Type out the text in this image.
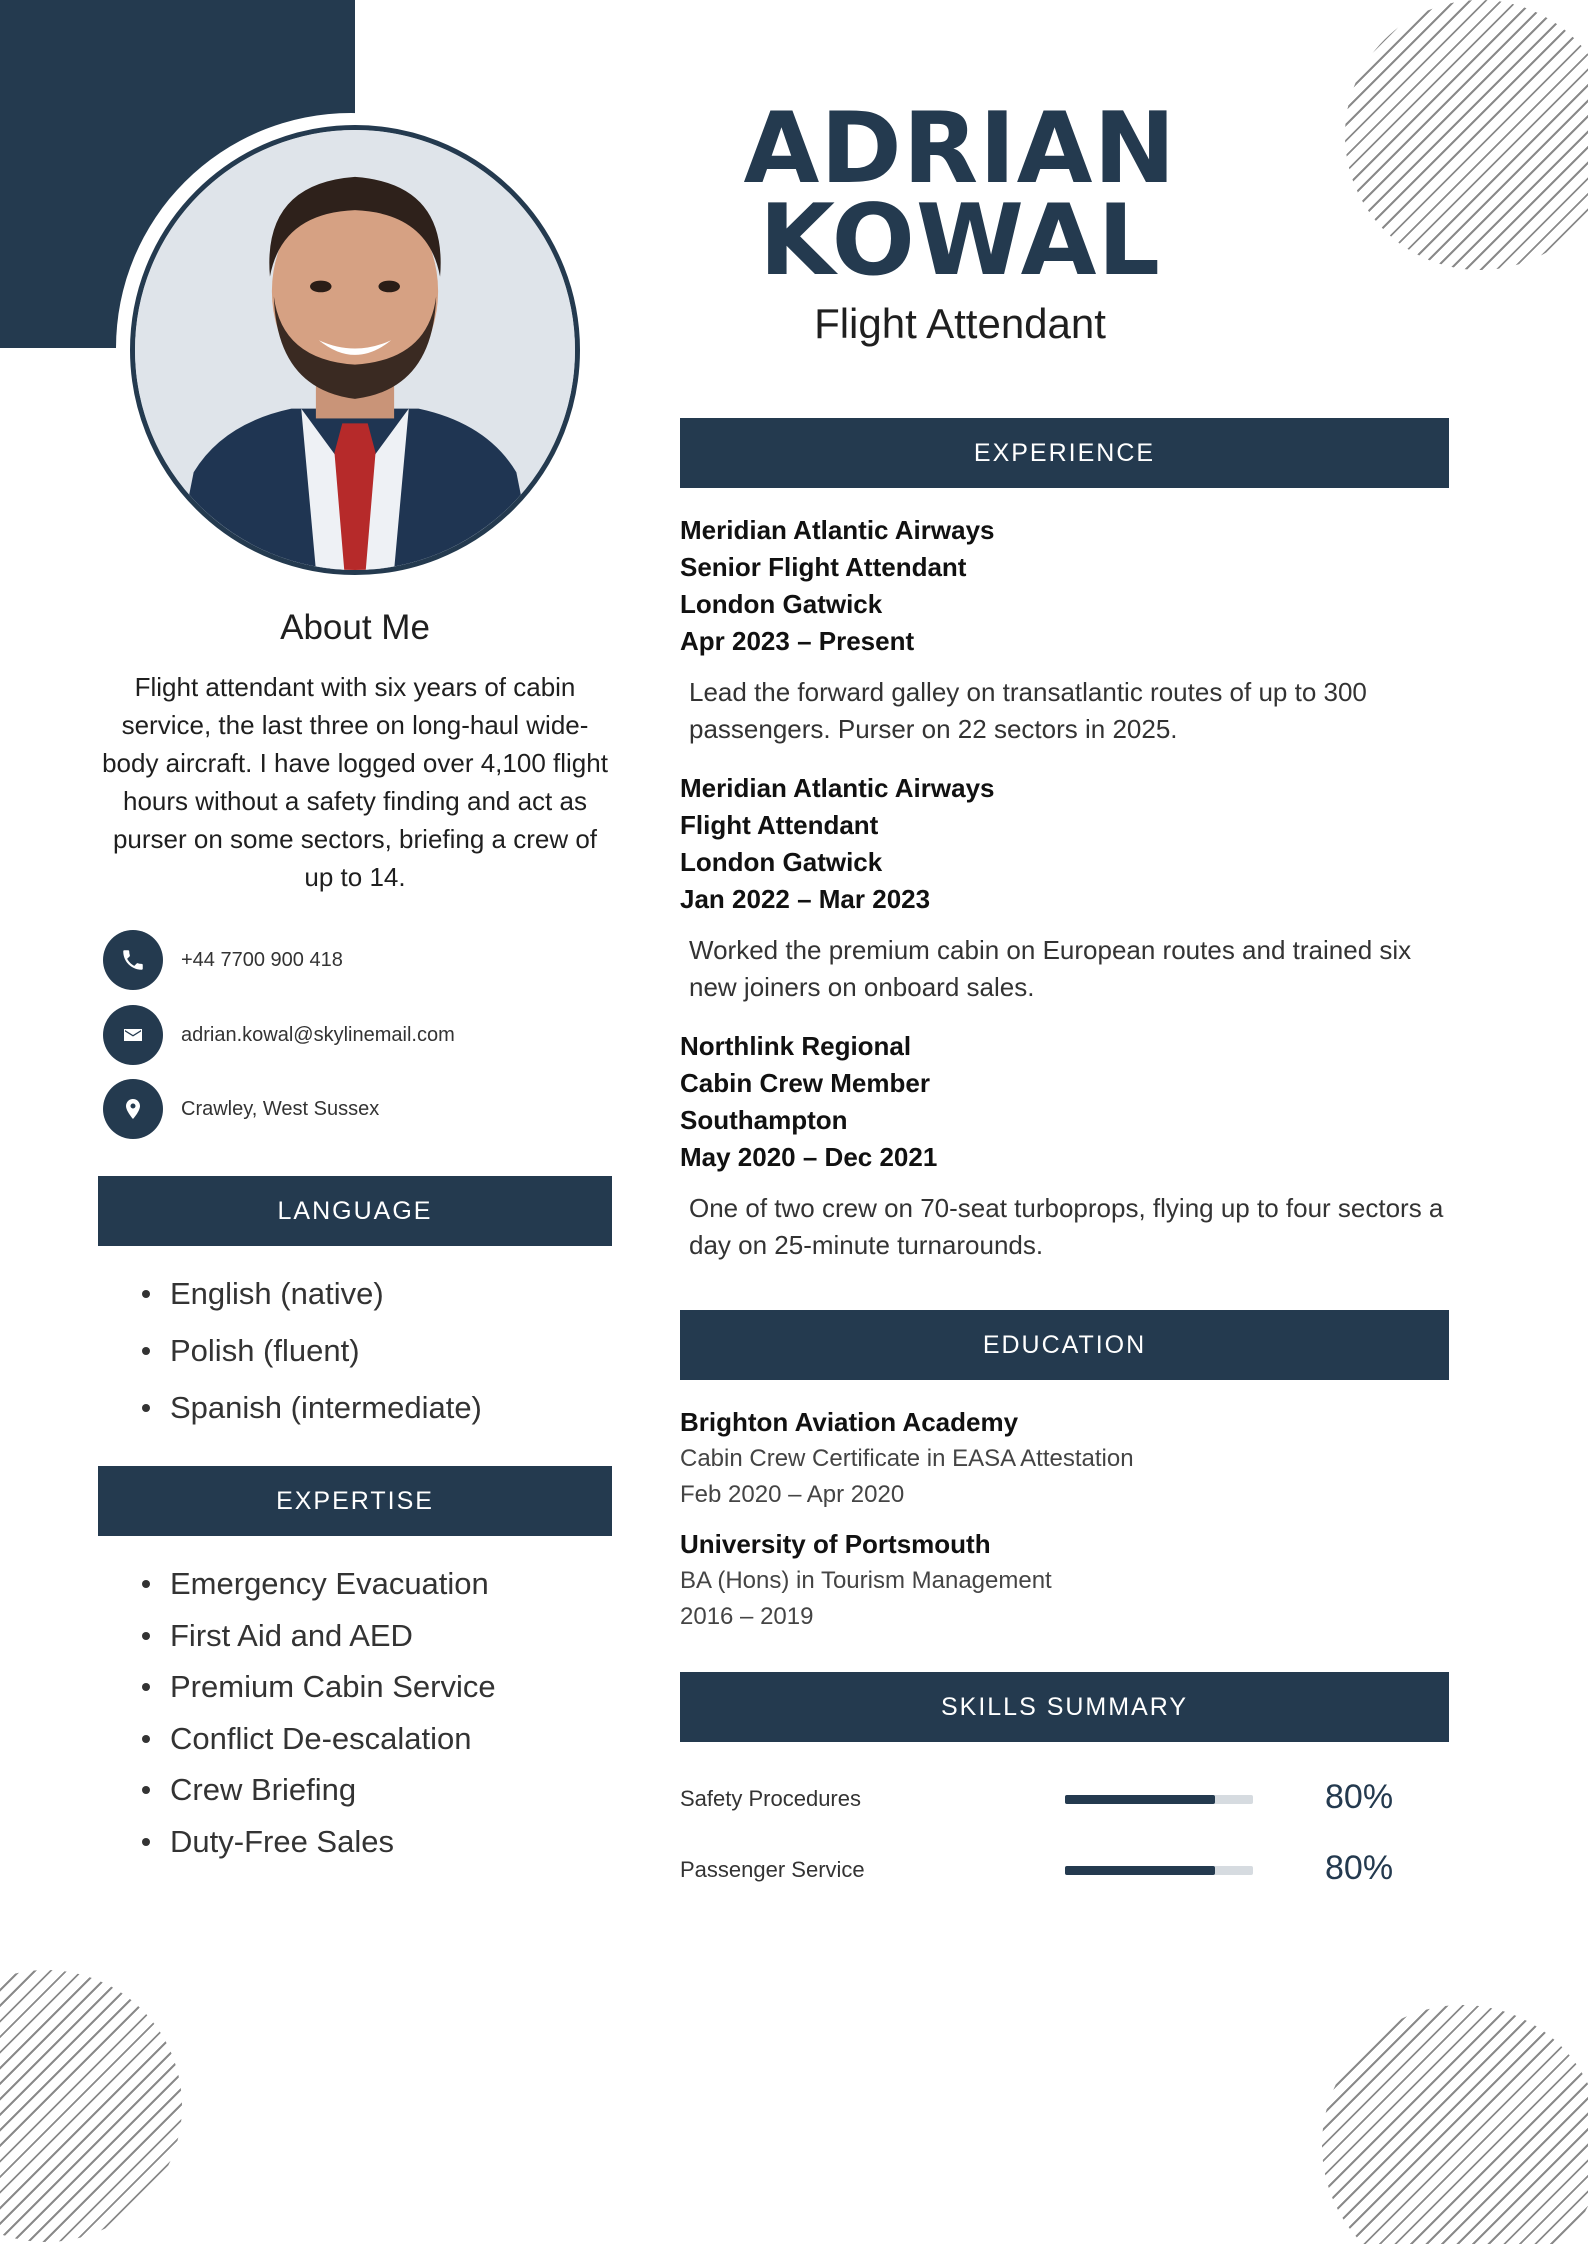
ADRIAN
KOWAL
Flight Attendant
About Me
Flight attendant with six years of cabin service, the last three on long-haul wide-body aircraft. I have logged over 4,100 flight hours without a safety finding and act as purser on some sectors, briefing a crew of up to 14.
+44 7700 900 418
adrian.kowal@skylinemail.com
Crawley, West Sussex
LANGUAGE
English (native)
Polish (fluent)
Spanish (intermediate)
EXPERTISE
Emergency Evacuation
First Aid and AED
Premium Cabin Service
Conflict De-escalation
Crew Briefing
Duty-Free Sales
EXPERIENCE
Meridian Atlantic Airways
Senior Flight Attendant
London Gatwick
Apr 2023 – Present
Lead the forward galley on transatlantic routes of up to 300 passengers. Purser on 22 sectors in 2025.
Meridian Atlantic Airways
Flight Attendant
London Gatwick
Jan 2022 – Mar 2023
Worked the premium cabin on European routes and trained six new joiners on onboard sales.
Northlink Regional
Cabin Crew Member
Southampton
May 2020 – Dec 2021
One of two crew on 70-seat turboprops, flying up to four sectors a day on 25-minute turnarounds.
EDUCATION
Brighton Aviation Academy
Cabin Crew Certificate in EASA Attestation
Feb 2020 – Apr 2020
University of Portsmouth
BA (Hons) in Tourism Management
2016 – 2019
SKILLS SUMMARY
Safety Procedures	80%
Passenger Service	80%
